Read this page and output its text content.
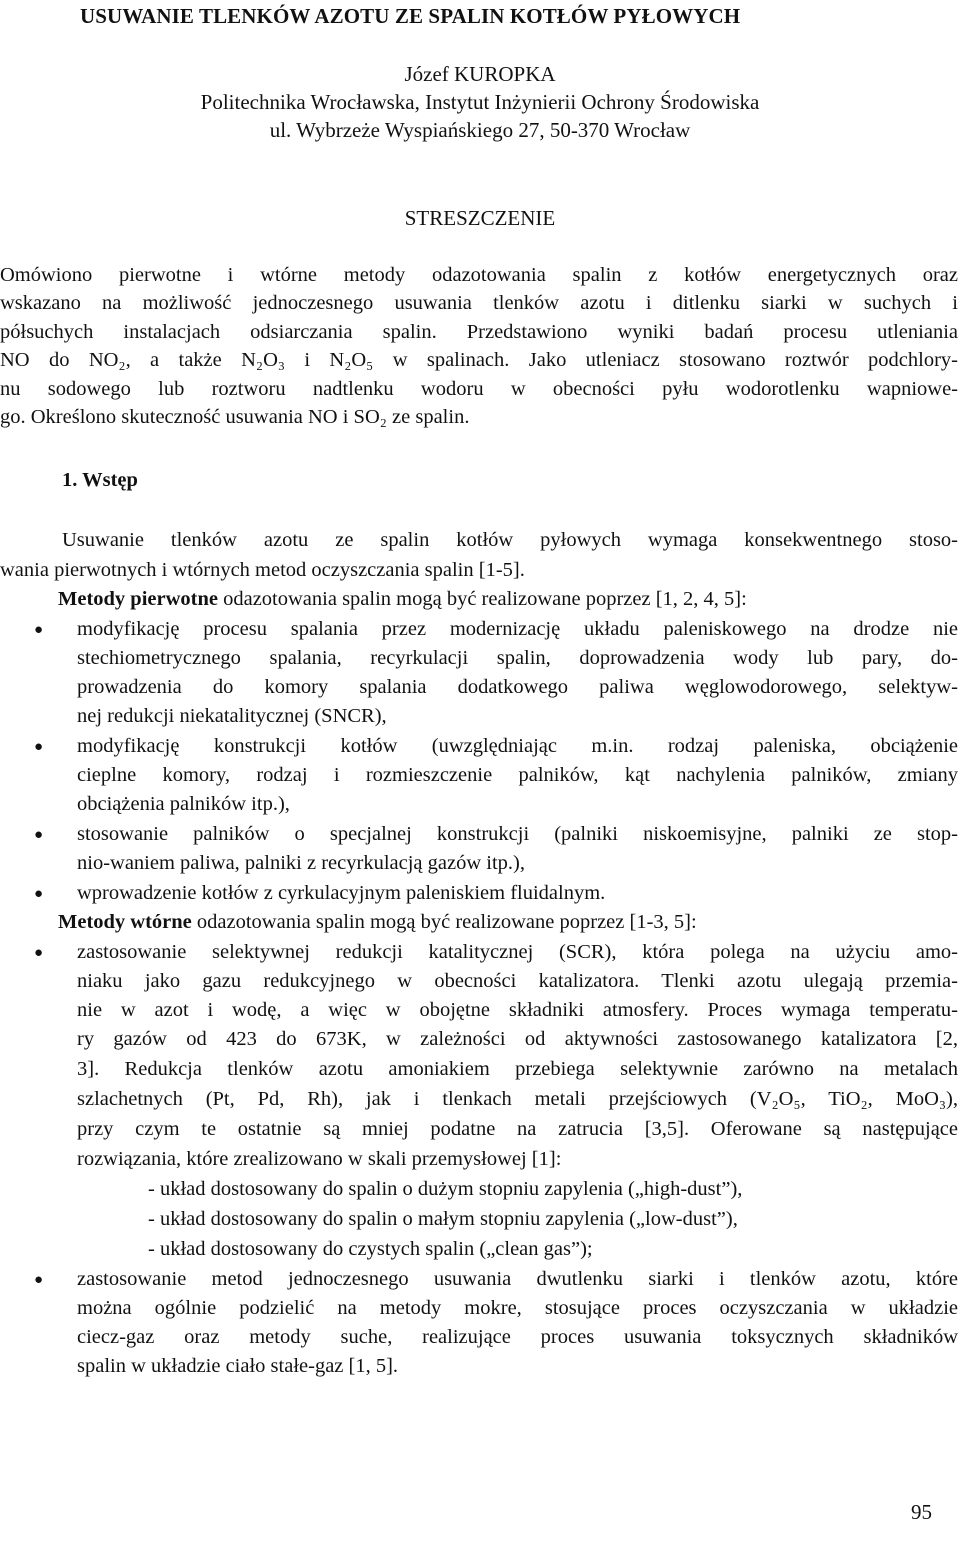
USUWANIE TLENKÓW AZOTU ZE SPALIN KOTŁÓW PYŁOWYCH
Józef KUROPKA
Politechnika Wrocławska, Instytut Inżynierii Ochrony Środowiska
ul. Wybrzeże Wyspiańskiego 27, 50-370 Wrocław
STRESZCZENIE
Omówiono pierwotne i wtórne metody odazotowania spalin z kotłów energetycznych oraz
wskazano na możliwość jednoczesnego usuwania tlenków azotu i ditlenku siarki w suchych i
półsuchych instalacjach odsiarczania spalin. Przedstawiono wyniki badań procesu utleniania
NO do NO₂, a także N₂O₃ i N₂O₅ w spalinach. Jako utleniacz stosowano roztwór podchlory-
nu sodowego lub roztworu nadtlenku wodoru w obecności pyłu wodorotlenku wapniowe-
go. Określono skuteczność usuwania NO i SO₂ ze spalin.
1. Wstęp
Usuwanie tlenków azotu ze spalin kotłów pyłowych wymaga konsekwentnego stoso-
wania pierwotnych i wtórnych metod oczyszczania spalin [1-5].
Metody pierwotne odazotowania spalin mogą być realizowane poprzez [1, 2, 4, 5]:
● modyfikację procesu spalania przez modernizację układu paleniskowego na drodze nie
stechiometrycznego spalania, recyrkulacji spalin, doprowadzenia wody lub pary, do-
prowadzenia do komory spalania dodatkowego paliwa węglowodorowego, selektyw-
nej redukcji niekatalitycznej (SNCR),
● modyfikację konstrukcji kotłów (uwzględniając m.in. rodzaj paleniska, obciążenie
cieplne komory, rodzaj i rozmieszczenie palników, kąt nachylenia palników, zmiany
obciążenia palników itp.),
● stosowanie palników o specjalnej konstrukcji (palniki niskoemisyjne, palniki ze stop-
nio-waniem paliwa, palniki z recyrkulacją gazów itp.),
● wprowadzenie kotłów z cyrkulacyjnym paleniskiem fluidalnym.
Metody wtórne odazotowania spalin mogą być realizowane poprzez [1-3, 5]:
● zastosowanie selektywnej redukcji katalitycznej (SCR), która polega na użyciu amo-
niaku jako gazu redukcyjnego w obecności katalizatora. Tlenki azotu ulegają przemia-
nie w azot i wodę, a więc w obojętne składniki atmosfery. Proces wymaga temperatu-
ry gazów od 423 do 673K, w zależności od aktywności zastosowanego katalizatora [2,
3]. Redukcja tlenków azotu amoniakiem przebiega selektywnie zarówno na metalach
szlachetnych (Pt, Pd, Rh), jak i tlenkach metali przejściowych (V₂O₅, TiO₂, MoO₃),
przy czym te ostatnie są mniej podatne na zatrucia [3,5]. Oferowane są następujące
rozwiązania, które zrealizowano w skali przemysłowej [1]:
- układ dostosowany do spalin o dużym stopniu zapylenia („high-dust”),
- układ dostosowany do spalin o małym stopniu zapylenia („low-dust”),
- układ dostosowany do czystych spalin („clean gas”);
● zastosowanie metod jednoczesnego usuwania dwutlenku siarki i tlenków azotu, które
można ogólnie podzielić na metody mokre, stosujące proces oczyszczania w układzie
ciecz-gaz oraz metody suche, realizujące proces usuwania toksycznych składników
spalin w układzie ciało stałe-gaz [1, 5].
95
